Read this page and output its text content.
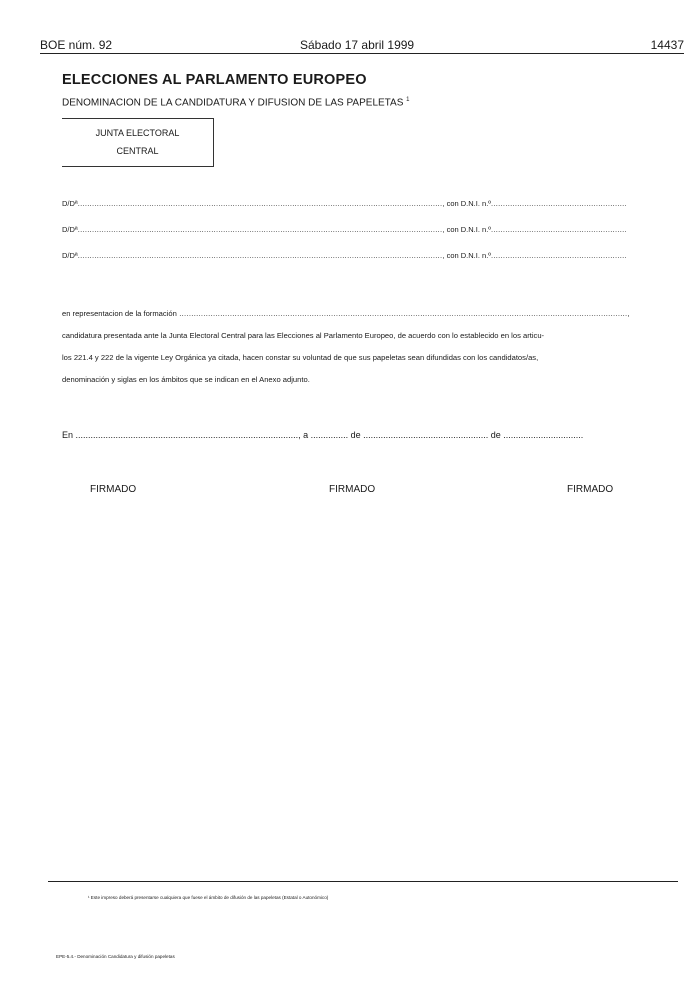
BOE núm. 92	Sábado 17 abril 1999	14437
ELECCIONES AL PARLAMENTO EUROPEO
DENOMINACION DE LA CANDIDATURA Y DIFUSION DE LAS PAPELETAS $^1$
JUNTA ELECTORAL
CENTRAL
D/Dª........................................................................................................................................................., con D.N.I. n.º.........................................................
D/Dª........................................................................................................................................................., con D.N.I. n.º.........................................................
D/Dª........................................................................................................................................................., con D.N.I. n.º.........................................................
en representacion de la formación ..........................................................................................................................................................................................,
candidatura presentada ante la Junta Electoral Central para las Elecciones al Parlamento Europeo, de acuerdo con lo establecido en los articu-
los 221.4 y 222 de la vigente Ley Orgánica ya citada, hacen constar su voluntad de que sus papeletas sean difundidas con los candidatos/as,
denominación y siglas en los ámbitos que se indican en el Anexo adjunto.
En ........................................................................................., a ............... de .................................................. de ................................
FIRMADO	FIRMADO	FIRMADO
¹ Este impreso deberá presentarse cualquiera que fuese el ámbito de difusión de las papeletas (Estatal o Autonómico)
EPE-5.4.- Denominación Candidatura y difusión papeletas
